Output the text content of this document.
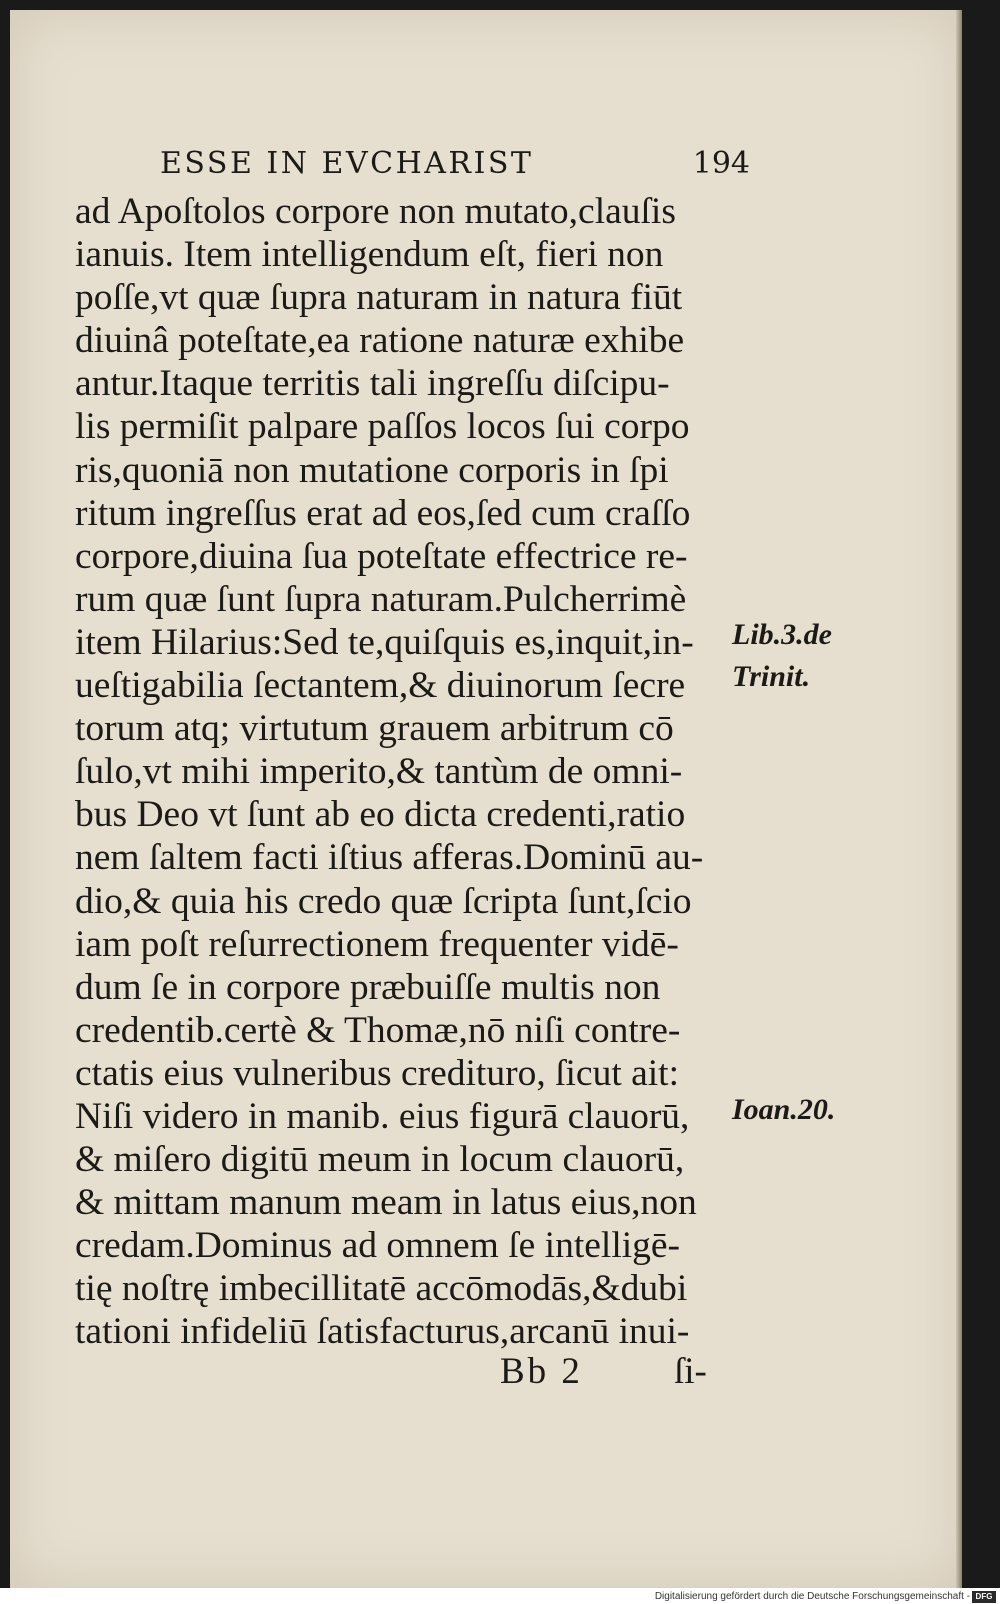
ESSE IN EVCHARIST	194
ad Apoſtolos corpore non mutato,clauſis
ianuis. Item intelligendum eſt, fieri non
poſſe,vt quæ ſupra naturam in natura fiūt
diuinâ poteſtate,ea ratione naturæ exhibe
antur.Itaque territis tali ingreſſu diſcipu-
lis permiſit palpare paſſos locos ſui corpo
ris,quoniā non mutatione corporis in ſpi
ritum ingreſſus erat ad eos,ſed cum craſſo
corpore,diuina ſua poteſtate effectrice re-
rum quæ ſunt ſupra naturam.Pulcherrimè
item Hilarius:Sed te,quiſquis es,inquit,in-
ueſtigabilia ſectantem,& diuinorum ſecre
torum atq; virtutum grauem arbitrum cō
ſulo,vt mihi imperito,& tantùm de omni-
bus Deo vt ſunt ab eo dicta credenti,ratio
nem ſaltem facti iſtius afferas.Dominū au-
dio,& quia his credo quæ ſcripta ſunt,ſcio
iam poſt reſurrectionem frequenter vidē-
dum ſe in corpore præbuiſſe multis non
credentib.certè & Thomæ,nō niſi contre-
ctatis eius vulneribus crediturо, ſicut ait:
Niſi videro in manib. eius figurā clauorū,
& miſero digitū meum in locum clauorū,
& mittam manum meam in latus eius,non
credam.Dominus ad omnem ſe intelligē-
tię noſtrę imbecillitatē accōmodās,&dubi
tationi infideliū ſatisfacturus,arcanū inui-
Lib.3.de
Trinit.
Ioan.20.
Bb 2 ſi-
Digitalisierung gefördert durch die Deutsche Forschungsgemeinschaft - DFG
